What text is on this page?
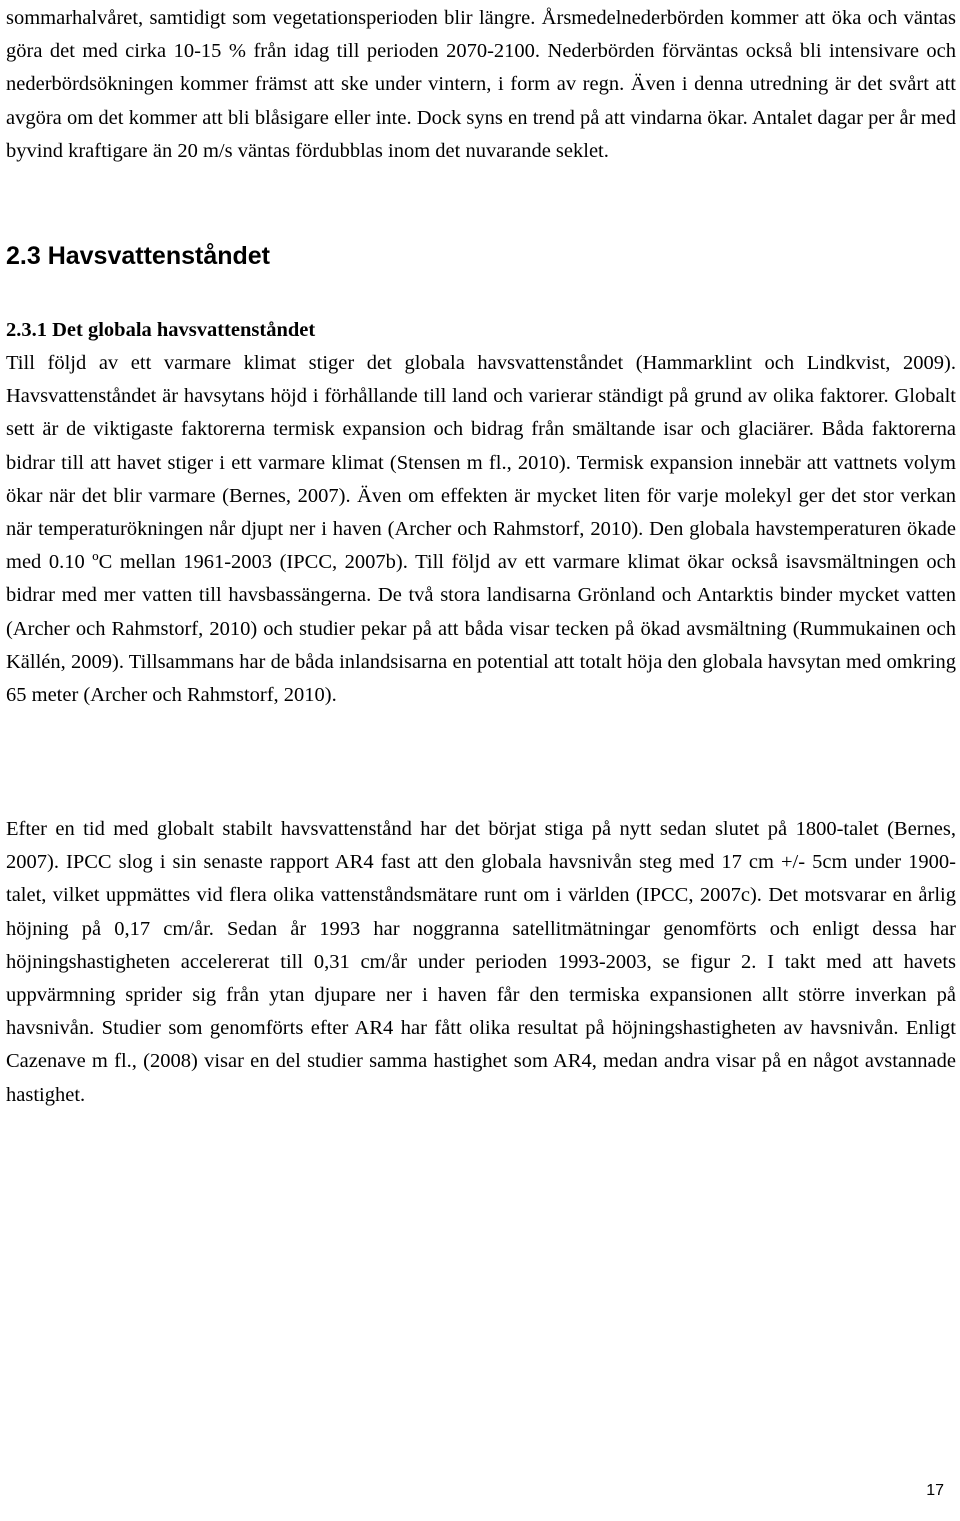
sommarhalvåret, samtidigt som vegetationsperioden blir längre. Årsmedelnederbörden kommer att öka och väntas göra det med cirka 10-15 % från idag till perioden 2070-2100. Nederbörden förväntas också bli intensivare och nederbördsökningen kommer främst att ske under vintern, i form av regn. Även i denna utredning är det svårt att avgöra om det kommer att bli blåsigare eller inte. Dock syns en trend på att vindarna ökar. Antalet dagar per år med byvind kraftigare än 20 m/s väntas fördubblas inom det nuvarande seklet.

2.3 Havsvattenståndet
2.3.1 Det globala havsvattenståndet

Till följd av ett varmare klimat stiger det globala havsvattenståndet (Hammarklint och Lindkvist, 2009). Havsvattenståndet är havsytans höjd i förhållande till land och varierar ständigt på grund av olika faktorer. Globalt sett är de viktigaste faktorerna termisk expansion och bidrag från smältande isar och glaciärer. Båda faktorerna bidrar till att havet stiger i ett varmare klimat (Stensen m fl., 2010). Termisk expansion innebär att vattnets volym ökar när det blir varmare (Bernes, 2007). Även om effekten är mycket liten för varje molekyl ger det stor verkan när temperaturökningen når djupt ner i haven (Archer och Rahmstorf, 2010). Den globala havstemperaturen ökade med 0.10 ºC mellan 1961-2003 (IPCC, 2007b). Till följd av ett varmare klimat ökar också isavsmältningen och bidrar med mer vatten till havsbassängerna. De två stora landisarna Grönland och Antarktis binder mycket vatten (Archer och Rahmstorf, 2010) och studier pekar på att båda visar tecken på ökad avsmältning (Rummukainen och Källén, 2009). Tillsammans har de båda inlandsisarna en potential att totalt höja den globala havsytan med omkring 65 meter (Archer och Rahmstorf, 2010).

Efter en tid med globalt stabilt havsvattenstånd har det börjat stiga på nytt sedan slutet på 1800-talet (Bernes, 2007). IPCC slog i sin senaste rapport AR4 fast att den globala havsnivån steg med 17 cm +/- 5cm under 1900-talet, vilket uppmättes vid flera olika vattenståndsmätare runt om i världen (IPCC, 2007c). Det motsvarar en årlig höjning på 0,17 cm/år. Sedan år 1993 har noggranna satellitmätningar genomförts och enligt dessa har höjningshastigheten accelererat till 0,31 cm/år under perioden 1993-2003, se figur 2. I takt med att havets uppvärmning sprider sig från ytan djupare ner i haven får den termiska expansionen allt större inverkan på havsnivån. Studier som genomförts efter AR4 har fått olika resultat på höjningshastigheten av havsnivån. Enligt Cazenave m fl., (2008) visar en del studier samma hastighet som AR4, medan andra visar på en något avstannade hastighet.

17
